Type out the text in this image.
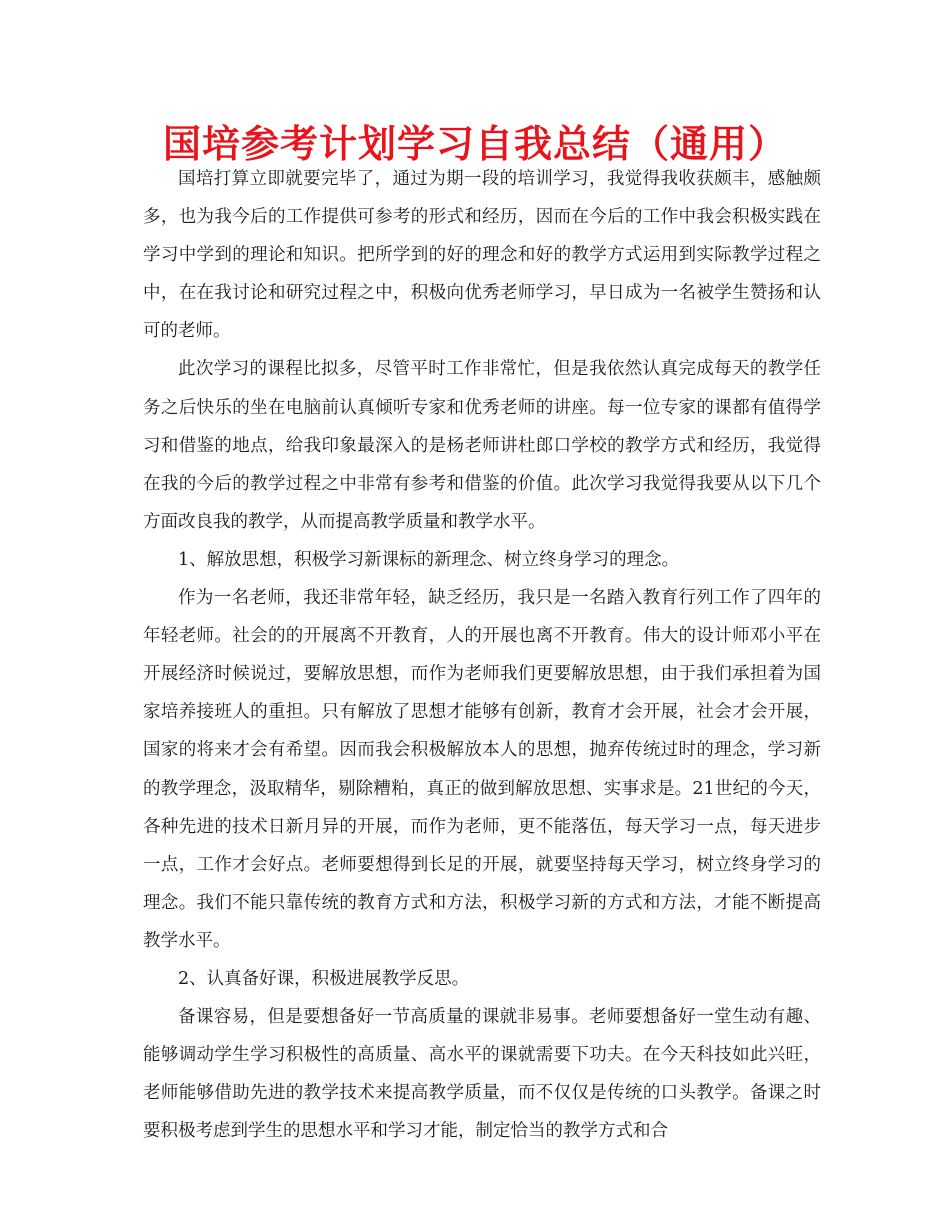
国培参考计划学习自我总结（通用）

国培打算立即就要完毕了，通过为期一段的培训学习，我觉得我收获颇丰，感触颇多，也为我今后的工作提供可参考的形式和经历，因而在今后的工作中我会积极实践在学习中学到的理论和知识。把所学到的好的理念和好的教学方式运用到实际教学过程之中，在在我讨论和研究过程之中，积极向优秀老师学习，早日成为一名被学生赞扬和认可的老师。

此次学习的课程比拟多，尽管平时工作非常忙，但是我依然认真完成每天的教学任务之后快乐的坐在电脑前认真倾听专家和优秀老师的讲座。每一位专家的课都有值得学习和借鉴的地点，给我印象最深入的是杨老师讲杜郎口学校的教学方式和经历，我觉得在我的今后的教学过程之中非常有参考和借鉴的价值。此次学习我觉得我要从以下几个方面改良我的教学，从而提高教学质量和教学水平。

1、解放思想，积极学习新课标的新理念、树立终身学习的理念。

作为一名老师，我还非常年轻，缺乏经历，我只是一名踏入教育行列工作了四年的年轻老师。社会的的开展离不开教育，人的开展也离不开教育。伟大的设计师邓小平在开展经济时候说过，要解放思想，而作为老师我们更要解放思想，由于我们承担着为国家培养接班人的重担。只有解放了思想才能够有创新，教育才会开展，社会才会开展，国家的将来才会有希望。因而我会积极解放本人的思想，抛弃传统过时的理念，学习新的教学理念，汲取精华，剔除糟粕，真正的做到解放思想、实事求是。21世纪的今天，各种先进的技术日新月异的开展，而作为老师，更不能落伍，每天学习一点，每天进步一点，工作才会好点。老师要想得到长足的开展，就要坚持每天学习，树立终身学习的理念。我们不能只靠传统的教育方式和方法，积极学习新的方式和方法，才能不断提高教学水平。

2、认真备好课，积极进展教学反思。

备课容易，但是要想备好一节高质量的课就非易事。老师要想备好一堂生动有趣、能够调动学生学习积极性的高质量、高水平的课就需要下功夫。在今天科技如此兴旺，老师能够借助先进的教学技术来提高教学质量，而不仅仅是传统的口头教学。备课之时要积极考虑到学生的思想水平和学习才能，制定恰当的教学方式和合
